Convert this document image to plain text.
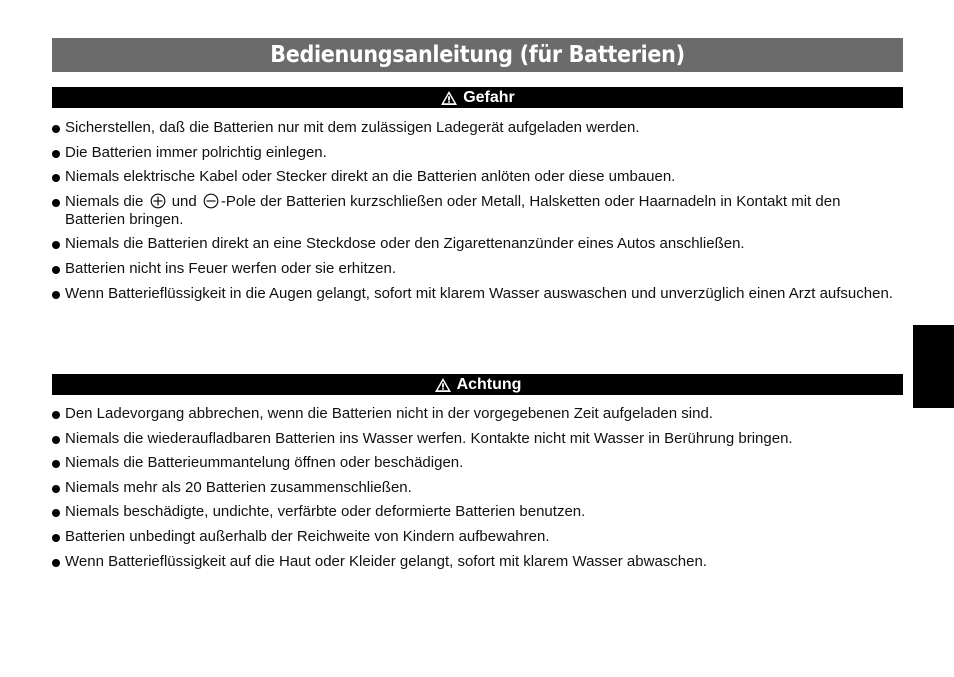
Bedienungsanleitung (für Batterien)
Gefahr
Sicherstellen, daß die Batterien nur mit dem zulässigen Ladegerät aufgeladen werden.
Die Batterien immer polrichtig einlegen.
Niemals elektrische Kabel oder Stecker direkt an die Batterien anlöten oder diese umbauen.
Niemals die und -Pole der Batterien kurzschließen oder Metall, Halsketten oder Haarnadeln in Kontakt mit den Batterien bringen.
Niemals die Batterien direkt an eine Steckdose oder den Zigarettenanzünder eines Autos anschließen.
Batterien nicht ins Feuer werfen oder sie erhitzen.
Wenn Batterieflüssigkeit in die Augen gelangt, sofort mit klarem Wasser auswaschen und unverzüglich einen Arzt aufsuchen.
Achtung
Den Ladevorgang abbrechen, wenn die Batterien nicht in der vorgegebenen Zeit aufgeladen sind.
Niemals die wiederaufladbaren Batterien ins Wasser werfen. Kontakte nicht mit Wasser in Berührung bringen.
Niemals die Batterieummantelung öffnen oder beschädigen.
Niemals mehr als 20 Batterien zusammenschließen.
Niemals beschädigte, undichte, verfärbte oder deformierte Batterien benutzen.
Batterien unbedingt außerhalb der Reichweite von Kindern aufbewahren.
Wenn Batterieflüssigkeit auf die Haut oder Kleider gelangt, sofort mit klarem Wasser abwaschen.
